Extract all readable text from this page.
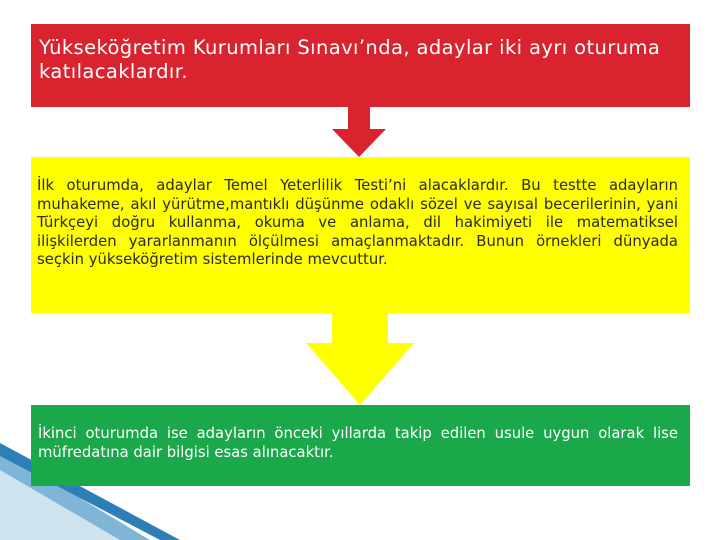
Yükseköğretim Kurumları Sınavı’nda, adaylar iki ayrı oturuma katılacaklardır.

İlk oturumda, adaylar Temel Yeterlilik Testi’ni alacaklardır. Bu testte adayların muhakeme, akıl yürütme,mantıklı düşünme odaklı sözel ve sayısal becerilerinin, yani Türkçeyi doğru kullanma, okuma ve anlama, dil hakimiyeti ile matematiksel ilişkilerden yararlanmanın ölçülmesi amaçlanmaktadır. Bunun örnekleri dünyada seçkin yükseköğretim sistemlerinde mevcuttur.

İkinci oturumda ise adayların önceki yıllarda takip edilen usule uygun olarak lise müfredatına dair bilgisi esas alınacaktır.
